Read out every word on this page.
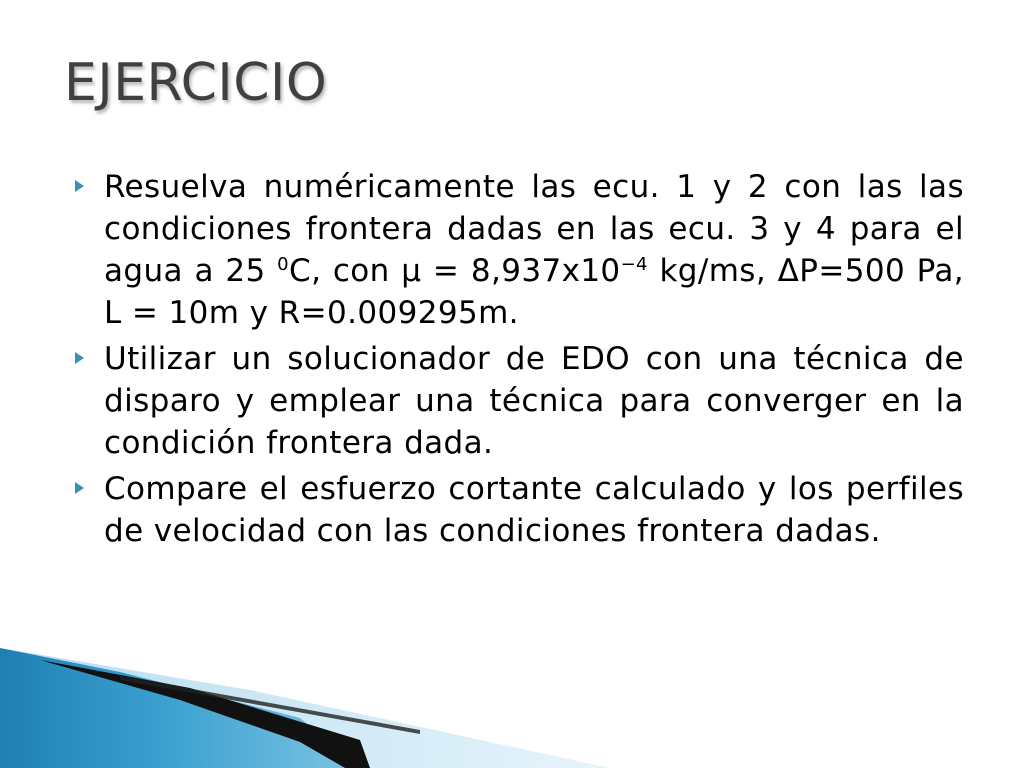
EJERCICIO
Resuelva numéricamente las ecu. 1 y 2 con las las condiciones frontera dadas en las ecu. 3 y 4 para el agua a 25 $^0$C, con $\mu = 8,937x10^{-4}$ kg/ms, ΔP=500 Pa, L = 10m y R=0.009295m.
Utilizar un solucionador de EDO con una técnica de disparo y emplear una técnica para converger en la condición frontera dada.
Compare el esfuerzo cortante calculado y los perfiles de velocidad con las condiciones frontera dadas.
